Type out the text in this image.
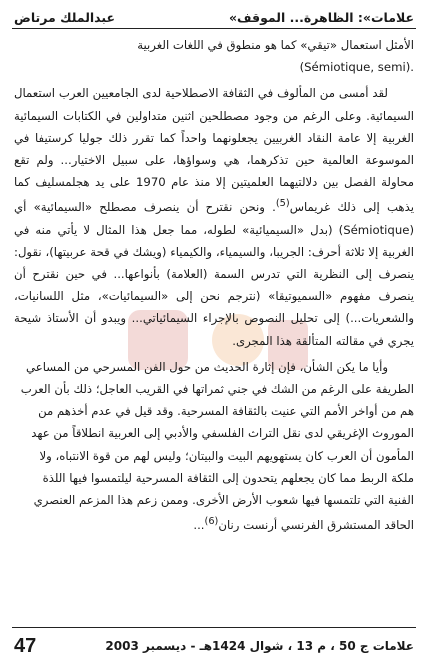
«علامات»: الظاهرة... الموقف
عبدالملك مرتاض

الأمثل استعمال «تيقي» كما هو منطوق في اللغات الغربية
(Sémiotique, semi).

لقد أمسى من المألوف في الثقافة الاصطلاحية لدى الجامعيين العرب استعمال السيمائية. وعلى الرغم من وجود مصطلحين اثنين متداولين في الكتابات السيمائية الغربية إلا عامة النقاد الغربيين يجعلونهما واحداً كما تقرر ذلك جوليا كرستيفا في الموسوعة العالمية حين تذكرهما، هي وسواؤها، على سبيل الاختيار... ولم تقع محاولة الفصل بين دلالتيهما العلميتين إلا منذ عام 1970 على يد هجلمسليف كما يذهب إلى ذلك غريماس$^{(5)}$. ونحن نقترح أن ينصرف مصطلح «السيمائية» أي (Sémiotique) (بدل «السيميائية» لطوله، مما جعل هذا المثال لا يأتي منه في الغربية إلا ثلاثة أحرف: الجريبا، والسيمياء، والكيمياء (ويشك في قحة عربيتها)، نقول: ينصرف إلى النظرية التي تدرس السمة (العلامة) بأنواعها... في حين نقترح أن ينصرف مفهوم «السميوتيقا» (نترجم نحن إلى «السيمائيات»، مثل اللسانيات، والشعريات...) إلى تحليل النصوص بالإجراء السيمائياتي... ويبدو أن الأستاذ شيحة يجري في مقالته المتألقة هذا المجرى.

وأيا ما يكن الشأن، فإن إثارة الحديث من حول الفن المسرحي من المساعي الطريفة على الرغم من الشك في جني ثمراتها في القريب العاجل؛ ذلك بأن العرب هم من أواخر الأمم التي عنيت بالثقافة المسرحية. وقد قيل في عدم أخذهم من الموروث الإغريقي لدى نقل التراث الفلسفي والأدبي إلى العربية انطلاقاً من عهد المأمون أن العرب كان يستهويهم البيت والبيتان؛ وليس لهم من قوة الانتباه، ولا ملكة الربط مما كان يجعلهم يتحدون إلى الثقافة المسرحية ليلتمسوا فيها اللذة الفنية التي تلتمسها فيها شعوب الأرض الأخرى. وممن زعم هذا المزعم العنصري الحاقد المستشرق الفرنسي أرنست رنان$^{(6)}$...

علامات ج 50 ، م 13 ، شوال 1424هـ - ديسمبر 2003
47
